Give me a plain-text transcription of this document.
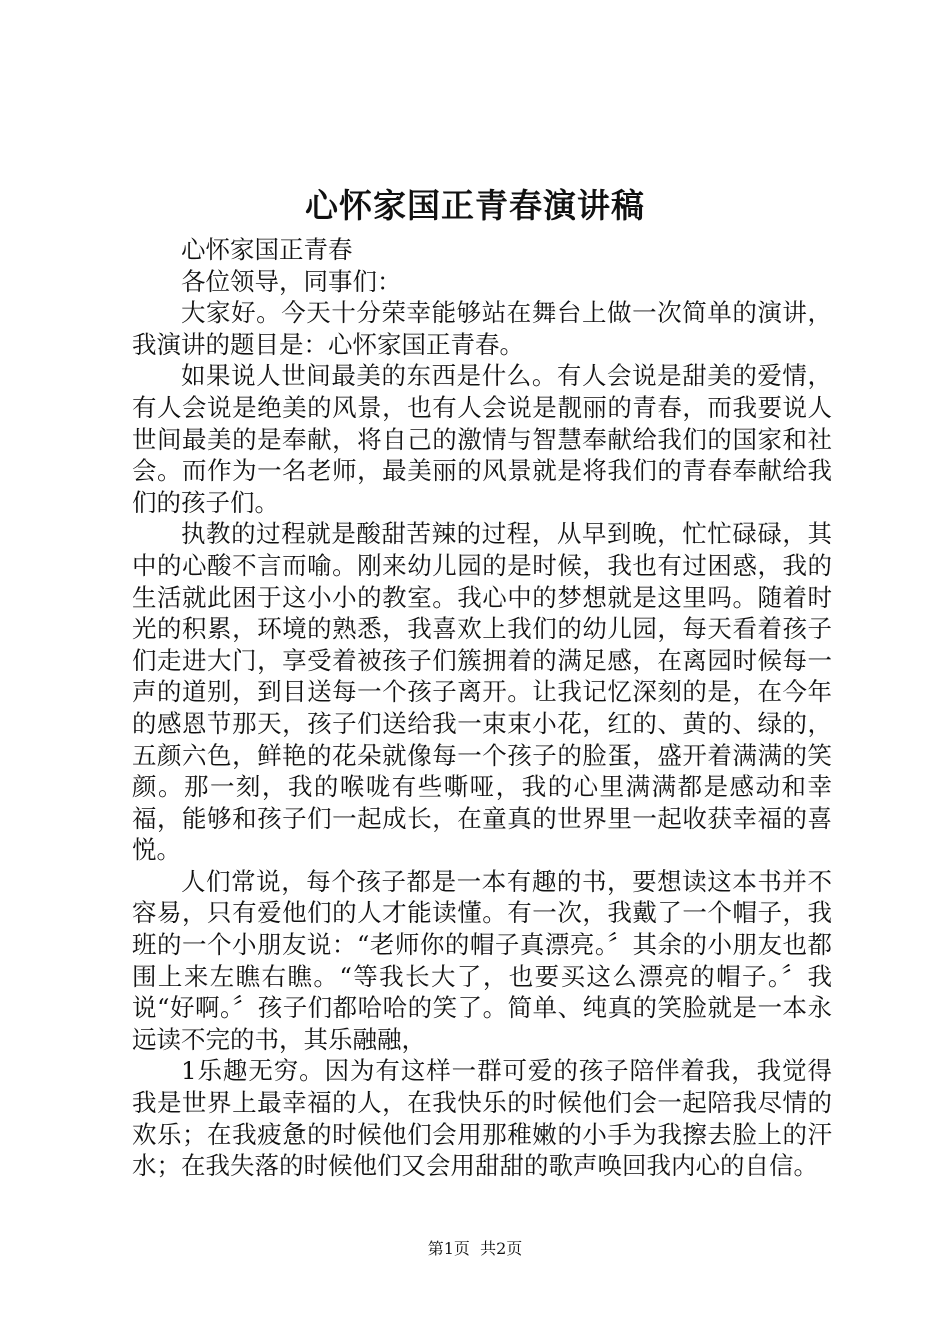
心怀家国正青春演讲稿

心怀家国正青春

各位领导，同事们：

大家好。今天十分荣幸能够站在舞台上做一次简单的演讲，我演讲的题目是：心怀家国正青春。

如果说人世间最美的东西是什么。有人会说是甜美的爱情，有人会说是绝美的风景，也有人会说是靓丽的青春，而我要说人世间最美的是奉献，将自己的激情与智慧奉献给我们的国家和社会。而作为一名老师，最美丽的风景就是将我们的青春奉献给我们的孩子们。

执教的过程就是酸甜苦辣的过程，从早到晚，忙忙碌碌，其中的心酸不言而喻。刚来幼儿园的是时候，我也有过困惑，我的生活就此困于这小小的教室。我心中的梦想就是这里吗。随着时光的积累，环境的熟悉，我喜欢上我们的幼儿园，每天看着孩子们走进大门，享受着被孩子们簇拥着的满足感，在离园时候每一声的道别，到目送每一个孩子离开。让我记忆深刻的是，在今年的感恩节那天，孩子们送给我一束束小花，红的、黄的、绿的，五颜六色，鲜艳的花朵就像每一个孩子的脸蛋，盛开着满满的笑颜。那一刻，我的喉咙有些嘶哑，我的心里满满都是感动和幸福，能够和孩子们一起成长，在童真的世界里一起收获幸福的喜悦。

人们常说，每个孩子都是一本有趣的书，要想读这本书并不容易，只有爱他们的人才能读懂。有一次，我戴了一个帽子，我班的一个小朋友说：“老师你的帽子真漂亮。〞其余的小朋友也都围上来左瞧右瞧。“等我长大了，也要买这么漂亮的帽子。〞我说“好啊。〞孩子们都哈哈的笑了。简单、纯真的笑脸就是一本永远读不完的书，其乐融融，

1乐趣无穷。因为有这样一群可爱的孩子陪伴着我，我觉得我是世界上最幸福的人，在我快乐的时候他们会一起陪我尽情的欢乐；在我疲惫的时候他们会用那稚嫩的小手为我擦去脸上的汗水；在我失落的时候他们又会用甜甜的歌声唤回我内心的自信。

第1页 共2页
